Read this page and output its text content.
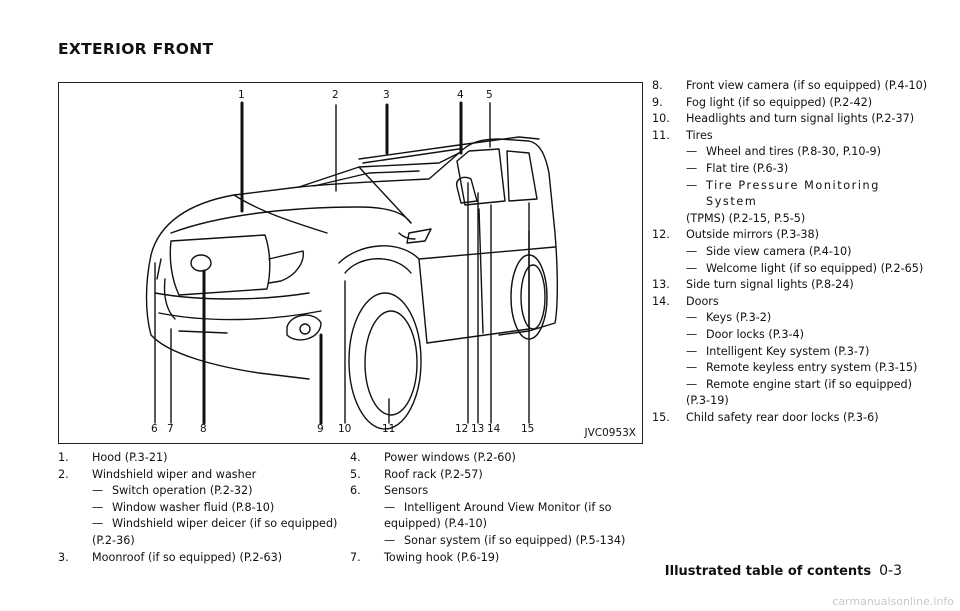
EXTERIOR FRONT
1	2	3	4 5
6 7	8	9 10	11	12 13 14 15	JVC0953X
1. Hood (P.3-21)
2. Windshield wiper and washer
— Switch operation (P.2-32)
— Window washer fluid (P.8-10)
— Windshield wiper deicer (if so equipped)
(P.2-36)
3. Moonroof (if so equipped) (P.2-63)
4. Power windows (P.2-60)
5. Roof rack (P.2-57)
6. Sensors
— Intelligent Around View Monitor (if so
equipped) (P.4-10)
— Sonar system (if so equipped) (P.5-134)
7. Towing hook (P.6-19)
8. Front view camera (if so equipped) (P.4-10)
9. Fog light (if so equipped) (P.2-42)
10. Headlights and turn signal lights (P.2-37)
11. Tires
— Wheel and tires (P.8-30, P.10-9)
— Flat tire (P.6-3)
— Tire Pressure Monitoring System
(TPMS) (P.2-15, P.5-5)
12. Outside mirrors (P.3-38)
— Side view camera (P.4-10)
— Welcome light (if so equipped) (P.2-65)
13. Side turn signal lights (P.8-24)
14. Doors
— Keys (P.3-2)
— Door locks (P.3-4)
— Intelligent Key system (P.3-7)
— Remote keyless entry system (P.3-15)
— Remote engine start (if so equipped)
(P.3-19)
15. Child safety rear door locks (P.3-6)
Illustrated table of contents 0-3
carmanualsonline.info
